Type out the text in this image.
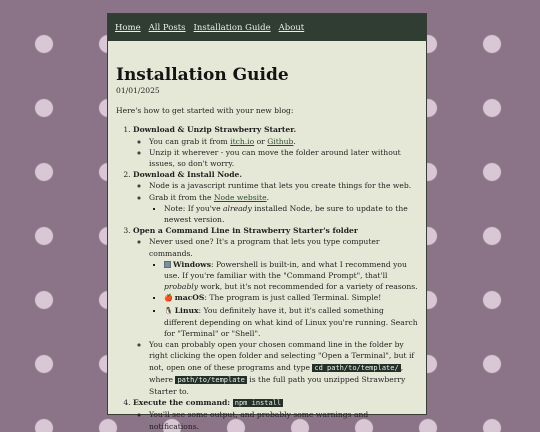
Home All Posts Installation Guide About
Installation Guide
01/01/2025

Here's how to get started with your new blog:

1. Download & Unzip Strawberry Starter.
◦ You can grab it from itch.io or Github.
◦ Unzip it wherever - you can move the folder around later without issues, so don't worry.
2. Download & Install Node.
◦ Node is a javascript runtime that lets you create things for the web.
◦ Grab it from the Node website.
▪ Note: If you've already installed Node, be sure to update to the newest version.
3. Open a Command Line in Strawberry Starter's folder
◦ Never used one? It's a program that lets you type computer commands.
▪ Windows: Powershell is built-in, and what I recommend you use. If you're familiar with the "Command Prompt", that'll probably work, but it's not recommended for a variety of reasons.
▪ 🍎 macOS: The program is just called Terminal. Simple!
▪ 🐧 Linux: You definitely have it, but it's called something different depending on what kind of Linux you're running. Search for "Terminal" or "Shell".
◦ You can probably open your chosen command line in the folder by right clicking the open folder and selecting "Open a Terminal", but if not, open one of these programs and type cd path/to/template/ , where path/to/template is the full path you unzipped Strawberry Starter to.
4. Execute the command: npm install
◦ You'll see some output, and probably some warnings and notifications.
